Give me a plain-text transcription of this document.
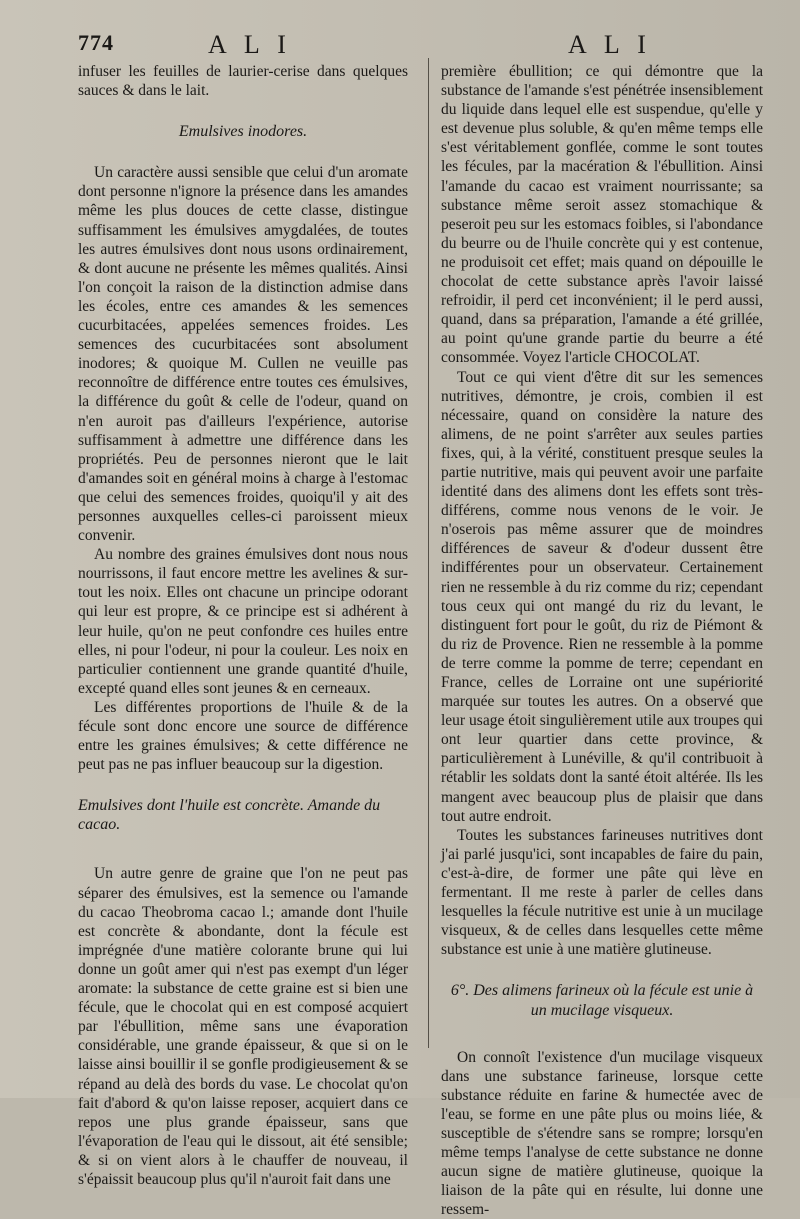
774	A L I	A L I

infuser les feuilles de laurier-cerise dans quelques sauces & dans le lait.

Emulsives inodores.

Un caractère aussi sensible que celui d'un aromate dont personne n'ignore la présence dans les amandes même les plus douces de cette classe, distingue suffisamment les émulsives amygdalées, de toutes les autres émulsives dont nous usons ordinairement, & dont aucune ne présente les mêmes qualités. Ainsi l'on conçoit la raison de la distinction admise dans les écoles, entre ces amandes & les semences cucurbitacées, appelées semences froides. Les semences des cucurbitacées sont absolument inodores; & quoique M. Cullen ne veuille pas reconnoître de différence entre toutes ces émulsives, la différence du goût & celle de l'odeur, quand on n'en auroit pas d'ailleurs l'expérience, autorise suffisamment à admettre une différence dans les propriétés. Peu de personnes nieront que le lait d'amandes soit en général moins à charge à l'estomac que celui des semences froides, quoiqu'il y ait des personnes auxquelles celles-ci paroissent mieux convenir.

Au nombre des graines émulsives dont nous nous nourrissons, il faut encore mettre les avelines & sur-tout les noix. Elles ont chacune un principe odorant qui leur est propre, & ce principe est si adhérent à leur huile, qu'on ne peut confondre ces huiles entre elles, ni pour l'odeur, ni pour la couleur. Les noix en particulier contiennent une grande quantité d'huile, excepté quand elles sont jeunes & en cerneaux.

Les différentes proportions de l'huile & de la fécule sont donc encore une source de différence entre les graines émulsives; & cette différence ne peut pas ne pas influer beaucoup sur la digestion.

Emulsives dont l'huile est concrète. Amande du cacao.

Un autre genre de graine que l'on ne peut pas séparer des émulsives, est la semence ou l'amande du cacao Theobroma cacao l.; amande dont l'huile est concrète & abondante, dont la fécule est imprégnée d'une matière colorante brune qui lui donne un goût amer qui n'est pas exempt d'un léger aromate: la substance de cette graine est si bien une fécule, que le chocolat qui en est composé acquiert par l'ébullition, même sans une évaporation considérable, une grande épaisseur, & que si on le laisse ainsi bouillir il se gonfle prodigieusement & se répand au delà des bords du vase. Le chocolat qu'on fait d'abord & qu'on laisse reposer, acquiert dans ce repos une plus grande épaisseur, sans que l'évaporation de l'eau qui le dissout, ait été sensible; & si on vient alors à le chauffer de nouveau, il s'épaissit beaucoup plus qu'il n'auroit fait dans une

première ébullition; ce qui démontre que la substance de l'amande s'est pénétrée insensiblement du liquide dans lequel elle est suspendue, qu'elle y est devenue plus soluble, & qu'en même temps elle s'est véritablement gonflée, comme le sont toutes les fécules, par la macération & l'ébullition. Ainsi l'amande du cacao est vraiment nourrissante; sa substance même seroit assez stomachique & peseroit peu sur les estomacs foibles, si l'abondance du beurre ou de l'huile concrète qui y est contenue, ne produisoit cet effet; mais quand on dépouille le chocolat de cette substance après l'avoir laissé refroidir, il perd cet inconvénient; il le perd aussi, quand, dans sa préparation, l'amande a été grillée, au point qu'une grande partie du beurre a été consommée. Voyez l'article CHOCOLAT.

Tout ce qui vient d'être dit sur les semences nutritives, démontre, je crois, combien il est nécessaire, quand on considère la nature des alimens, de ne point s'arrêter aux seules parties fixes, qui, à la vérité, constituent presque seules la partie nutritive, mais qui peuvent avoir une parfaite identité dans des alimens dont les effets sont très-différens, comme nous venons de le voir. Je n'oserois pas même assurer que de moindres différences de saveur & d'odeur dussent être indifférentes pour un observateur. Certainement rien ne ressemble à du riz comme du riz; cependant tous ceux qui ont mangé du riz du levant, le distinguent fort pour le goût, du riz de Piémont & du riz de Provence. Rien ne ressemble à la pomme de terre comme la pomme de terre; cependant en France, celles de Lorraine ont une supériorité marquée sur toutes les autres. On a observé que leur usage étoit singulièrement utile aux troupes qui ont leur quartier dans cette province, & particulièrement à Lunéville, & qu'il contribuoit à rétablir les soldats dont la santé étoit altérée. Ils les mangent avec beaucoup plus de plaisir que dans tout autre endroit.

Toutes les substances farineuses nutritives dont j'ai parlé jusqu'ici, sont incapables de faire du pain, c'est-à-dire, de former une pâte qui lève en fermentant. Il me reste à parler de celles dans lesquelles la fécule nutritive est unie à un mucilage visqueux, & de celles dans lesquelles cette même substance est unie à une matière glutineuse.

6°. Des alimens farineux où la fécule est unie à un mucilage visqueux.

On connoît l'existence d'un mucilage visqueux dans une substance farineuse, lorsque cette substance réduite en farine & humectée avec de l'eau, se forme en une pâte plus ou moins liée, & susceptible de s'étendre sans se rompre; lorsqu'en même temps l'analyse de cette substance ne donne aucun signe de matière glutineuse, quoique la liaison de la pâte qui en résulte, lui donne une ressem-
